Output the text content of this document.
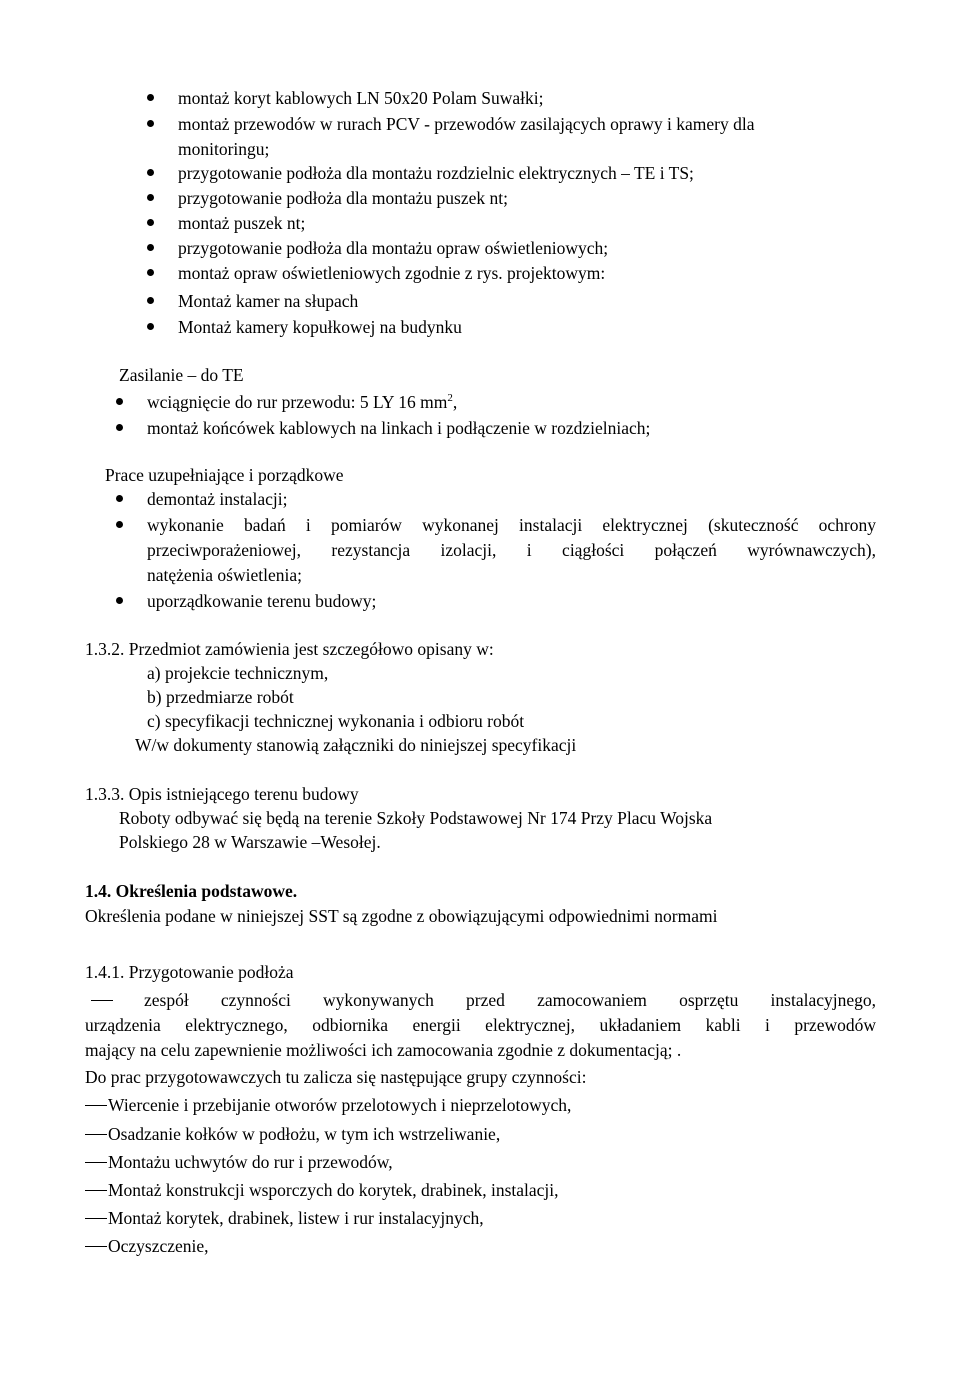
montaż koryt kablowych LN 50x20 Polam Suwałki;
montaż przewodów w rurach PCV - przewodów zasilających oprawy i kamery dla
monitoringu;
przygotowanie podłoża dla montażu rozdzielnic elektrycznych – TE i TS;
przygotowanie podłoża dla montażu puszek nt;
montaż puszek nt;
przygotowanie podłoża dla montażu opraw oświetleniowych;
montaż opraw oświetleniowych zgodnie z rys. projektowym:
Montaż kamer na słupach
Montaż kamery kopułkowej na budynku
Zasilanie – do TE
wciągnięcie do rur przewodu: 5 LY 16 $mm^2$,
montaż końcówek kablowych na linkach i podłączenie w rozdzielniach;
Prace uzupełniające i porządkowe
demontaż instalacji;
wykonanie badań i pomiarów wykonanej instalacji elektrycznej (skuteczność ochrony
przeciwporażeniowej, rezystancja izolacji, i ciągłości połączeń wyrównawczych),
natężenia oświetlenia;
uporządkowanie terenu budowy;
1.3.2. Przedmiot zamówienia jest szczegółowo opisany w:
a) projekcie technicznym,
b) przedmiarze robót
c) specyfikacji technicznej wykonania i odbioru robót
W/w dokumenty stanowią załączniki do niniejszej specyfikacji
1.3.3. Opis istniejącego terenu budowy
Roboty odbywać się będą na terenie Szkoły Podstawowej Nr 174 Przy Placu Wojska
Polskiego 28 w Warszawie –Wesołej.
1.4. Określenia podstawowe.
Określenia podane w niniejszej SST są zgodne z obowiązującymi odpowiednimi normami
1.4.1. Przygotowanie podłoża
zespół czynności wykonywanych przed zamocowaniem osprzętu instalacyjnego,
urządzenia elektrycznego, odbiornika energii elektrycznej, układaniem kabli i przewodów
mający na celu zapewnienie możliwości ich zamocowania zgodnie z dokumentacją; .
Do prac przygotowawczych tu zalicza się następujące grupy czynności:
Wiercenie i przebijanie otworów przelotowych i nieprzelotowych,
Osadzanie kołków w podłożu, w tym ich wstrzeliwanie,
Montażu uchwytów do rur i przewodów,
Montaż konstrukcji wsporczych do korytek, drabinek, instalacji,
Montaż korytek, drabinek, listew i rur instalacyjnych,
Oczyszczenie,
